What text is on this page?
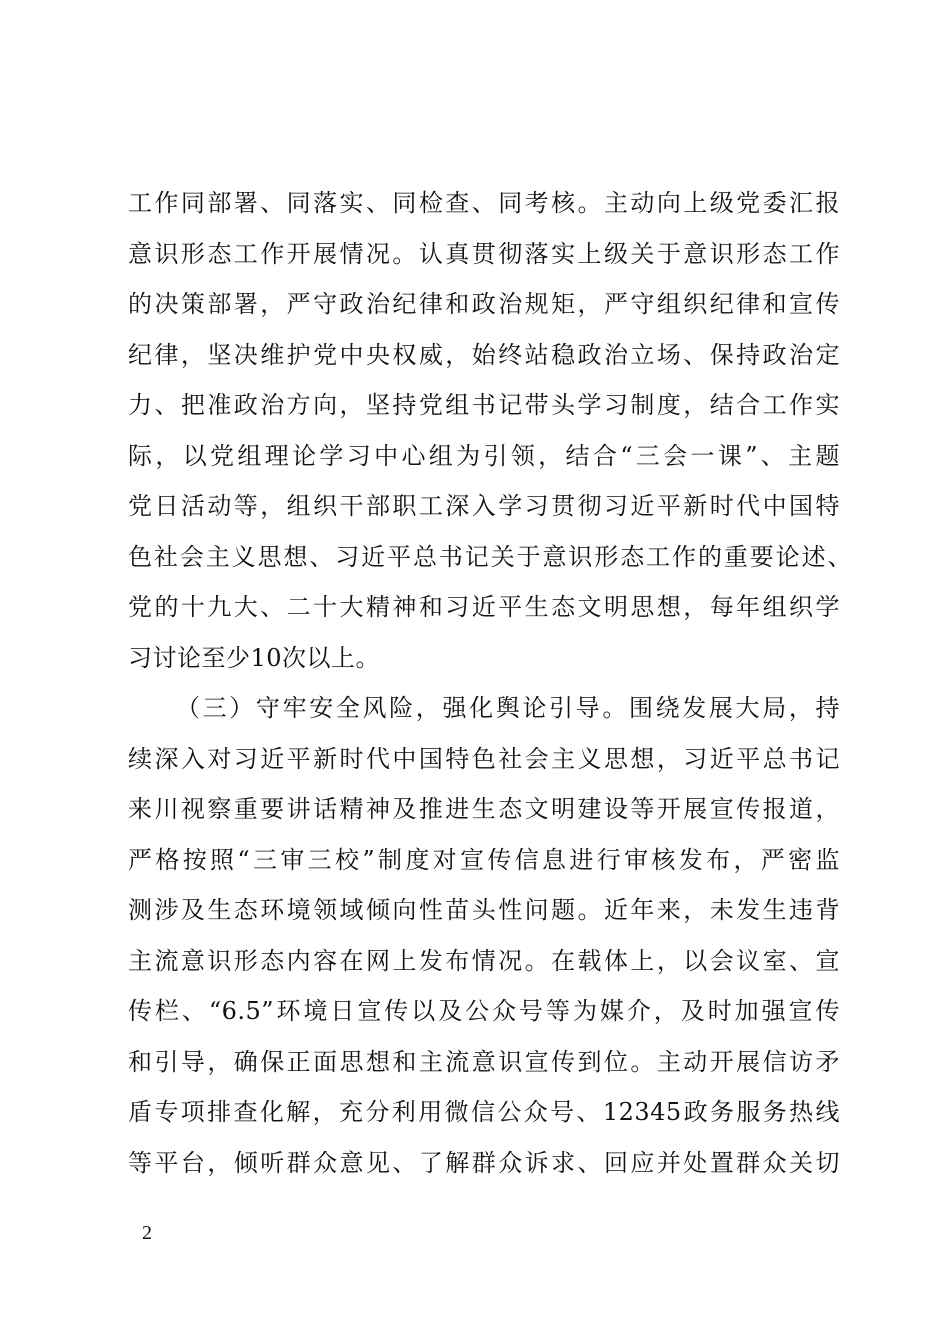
工作同部署、同落实、同检查、同考核。主动向上级党委汇报
意识形态工作开展情况。认真贯彻落实上级关于意识形态工作
的决策部署，严守政治纪律和政治规矩，严守组织纪律和宣传
纪律，坚决维护党中央权威，始终站稳政治立场、保持政治定
力、把准政治方向，坚持党组书记带头学习制度，结合工作实
际，以党组理论学习中心组为引领，结合“三会一课”、主题
党日活动等，组织干部职工深入学习贯彻习近平新时代中国特
色社会主义思想、习近平总书记关于意识形态工作的重要论述、
党的十九大、二十大精神和习近平生态文明思想，每年组织学
习讨论至少10次以上。
（三）守牢安全风险，强化舆论引导。围绕发展大局，持
续深入对习近平新时代中国特色社会主义思想，习近平总书记
来川视察重要讲话精神及推进生态文明建设等开展宣传报道，
严格按照“三审三校”制度对宣传信息进行审核发布，严密监
测涉及生态环境领域倾向性苗头性问题。近年来，未发生违背
主流意识形态内容在网上发布情况。在载体上，以会议室、宣
传栏、“6.5”环境日宣传以及公众号等为媒介，及时加强宣传
和引导，确保正面思想和主流意识宣传到位。主动开展信访矛
盾专项排查化解，充分利用微信公众号、12345政务服务热线
等平台，倾听群众意见、了解群众诉求、回应并处置群众关切
2
